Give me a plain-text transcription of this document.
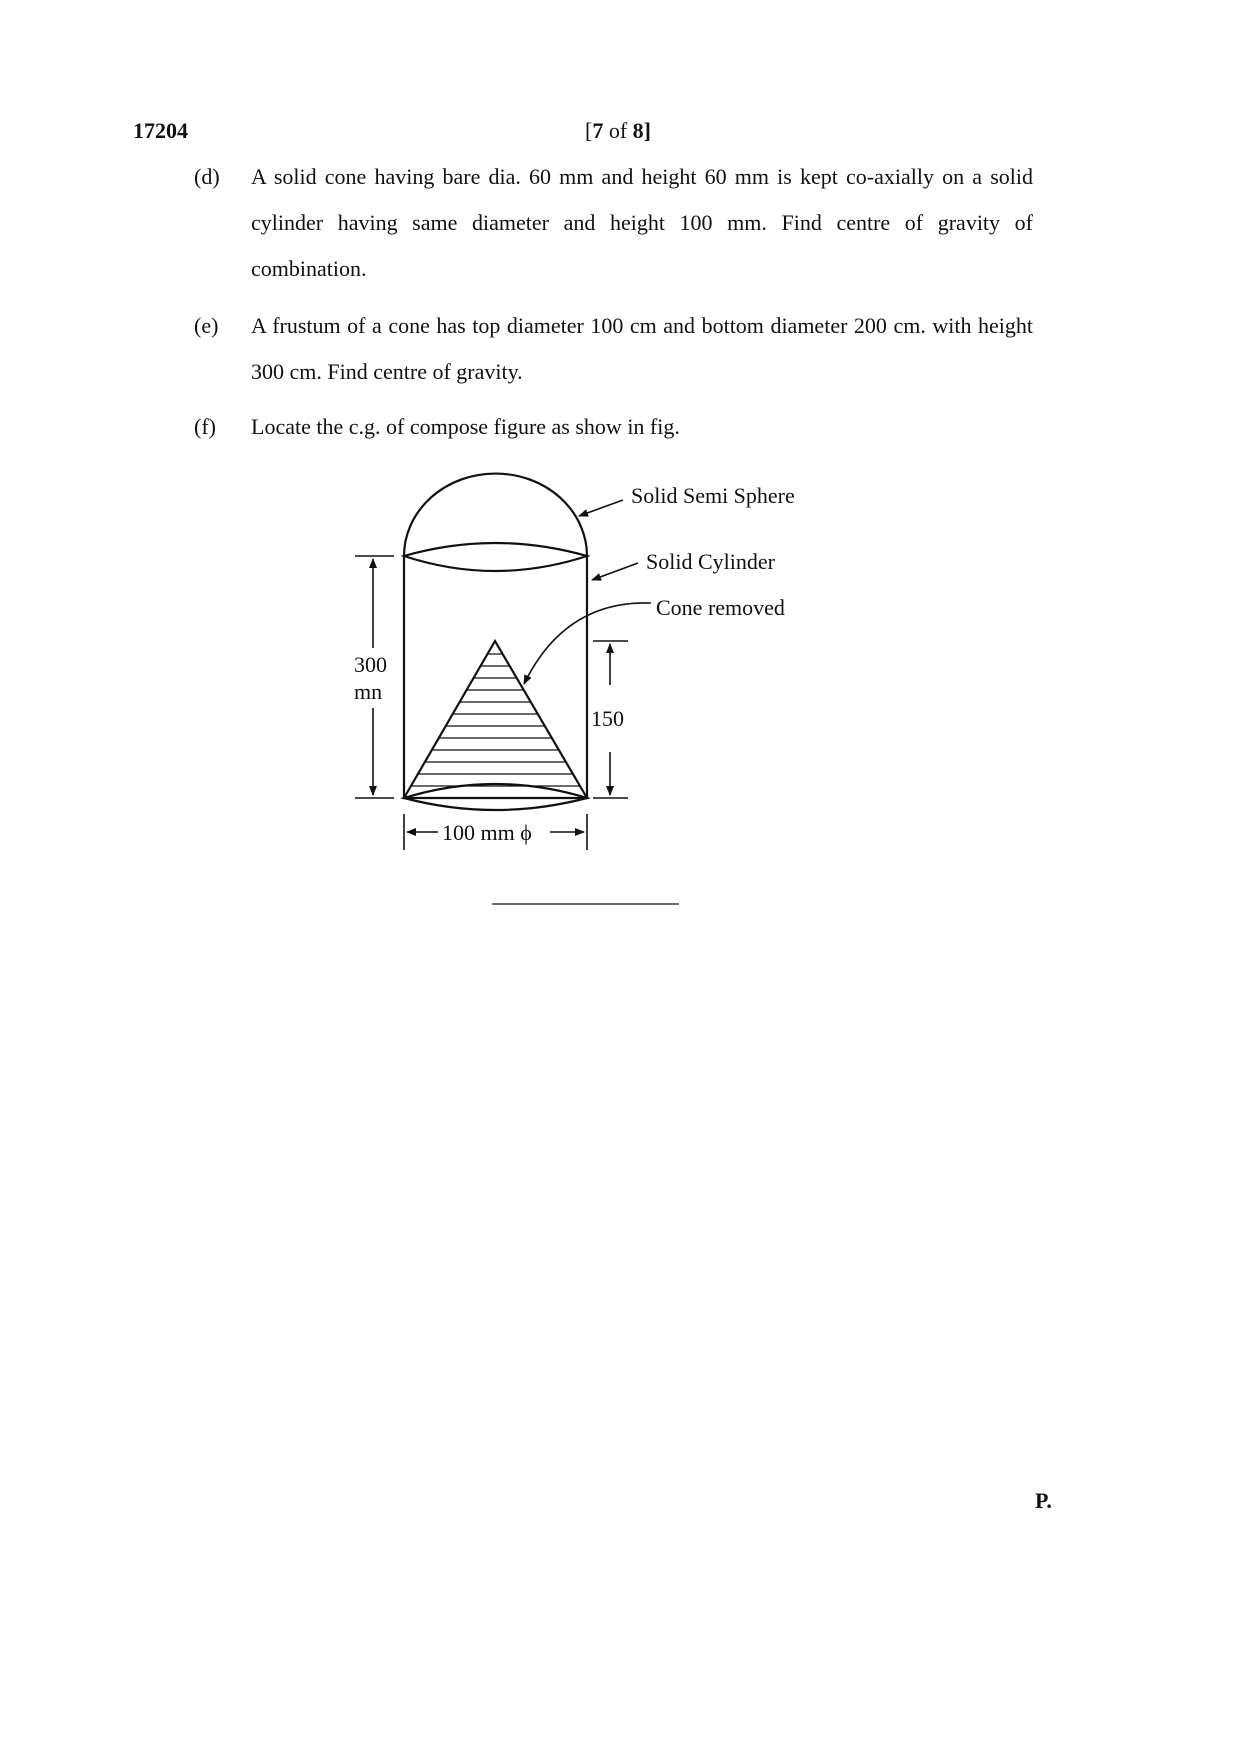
17204	[7 of 8]
(d)	A solid cone having bare dia. 60 mm and height 60 mm is kept co-axially on a solid cylinder having same diameter and height 100 mm. Find centre of gravity of combination.
(e)	A frustum of a cone has top diameter 100 cm and bottom diameter 200 cm. with height 300 cm. Find centre of gravity.
(f)	Locate the c.g. of compose figure as show in fig.
300
mn
150
100 mm ϕ
Solid Semi Sphere
Solid Cylinder
Cone removed
P.
